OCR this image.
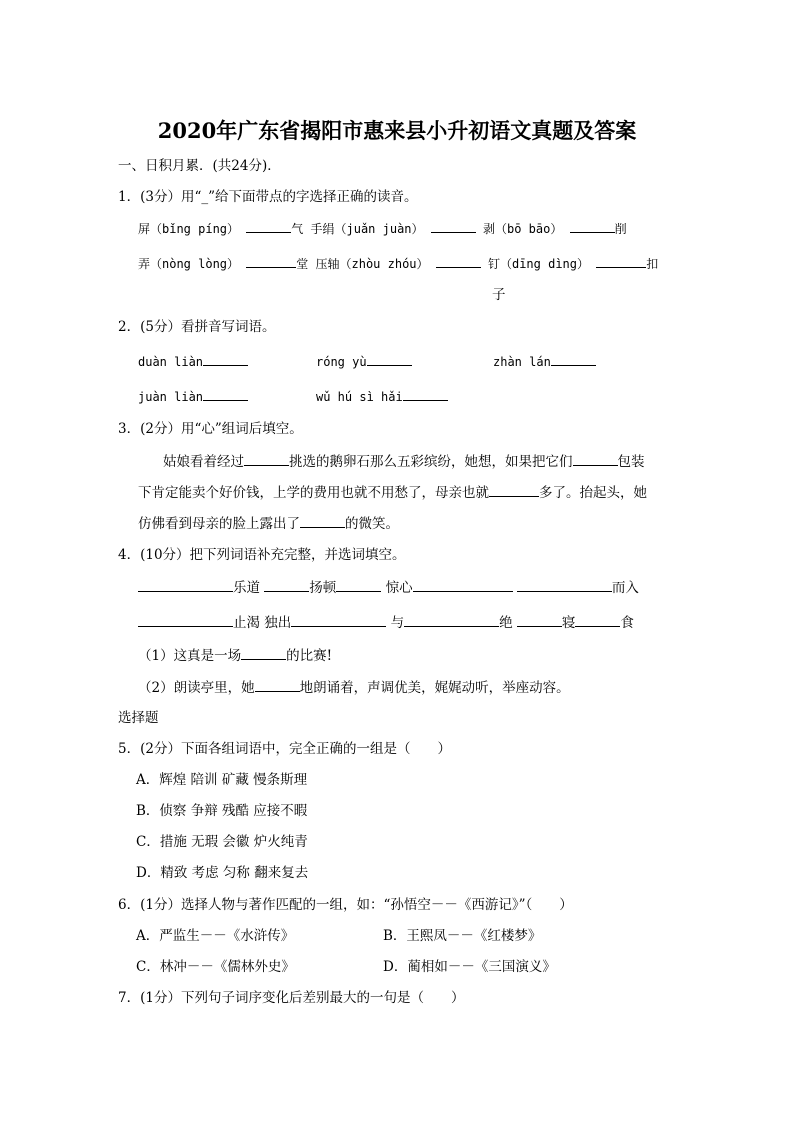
2020年广东省揭阳市惠来县小升初语文真题及答案
一、日积月累．(共24分)．
1．(3分）用“_”给下面带点的字选择正确的读音。
屏（bǐng píng）	气 手绢（juǎn juàn）	剥（bō bāo）	削
弄（nòng lòng）	堂 压轴（zhòu zhóu）	钉（dīng dìng）	扣
子
2．(5分）看拼音写词语。
duàn liàn	róng yù	zhàn lán
juàn liàn	wǔ hú sì hǎi
3．(2分）用“心”组词后填空。
姑娘看着经过	挑选的鹅卵石那么五彩缤纷，她想，如果把它们	包装
下肯定能卖个好价钱，上学的费用也就不用愁了，母亲也就	多了。抬起头，她
仿佛看到母亲的脸上露出了	的微笑。
4．(10分）把下列词语补充完整，并选词填空。
乐道	扬顿	惊心	而入
止渴 独出	与	绝	寝	食
（1）这真是一场	的比赛!
（2）朗读亭里，她	地朗诵着，声调优美，娓娓动听，举座动容。
选择题
5．(2分）下面各组词语中，完全正确的一组是（　　）
A．辉煌 陪训 矿藏 慢条斯理
B．侦察 争辩 残酷 应接不暇
C．措施 无瑕 会徽 炉火纯青
D．精致 考虑 匀称 翻来复去
6．(1分）选择人物与著作匹配的一组，如：“孙悟空－－《西游记》”（　　）
A．严监生－－《水浒传》	B．王熙凤－－《红楼梦》
C．林冲－－《儒林外史》	D．蔺相如－－《三国演义》
7．(1分）下列句子词序变化后差别最大的一句是（　　）
